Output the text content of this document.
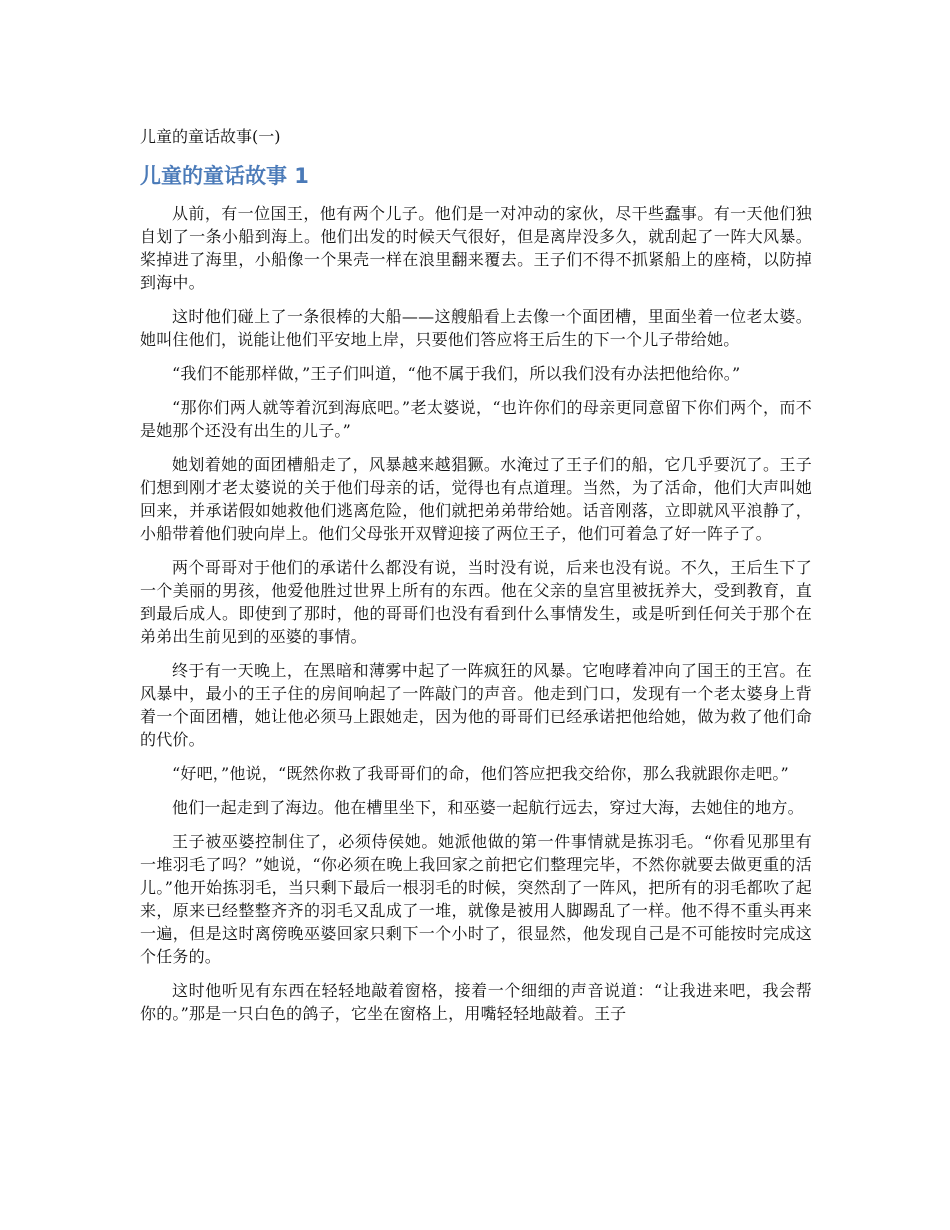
儿童的童话故事(一)
儿童的童话故事 1

从前，有一位国王，他有两个儿子。他们是一对冲动的家伙，尽干些蠢事。有一天他们独自划了一条小船到海上。他们出发的时候天气很好，但是离岸没多久，就刮起了一阵大风暴。桨掉进了海里，小船像一个果壳一样在浪里翻来覆去。王子们不得不抓紧船上的座椅，以防掉到海中。

这时他们碰上了一条很棒的大船——这艘船看上去像一个面团槽，里面坐着一位老太婆。她叫住他们，说能让他们平安地上岸，只要他们答应将王后生的下一个儿子带给她。

“我们不能那样做，”王子们叫道，“他不属于我们，所以我们没有办法把他给你。”

“那你们两人就等着沉到海底吧。”老太婆说，“也许你们的母亲更同意留下你们两个，而不是她那个还没有出生的儿子。”

她划着她的面团槽船走了，风暴越来越猖獗。水淹过了王子们的船，它几乎要沉了。王子们想到刚才老太婆说的关于他们母亲的话，觉得也有点道理。当然，为了活命，他们大声叫她回来，并承诺假如她救他们逃离危险，他们就把弟弟带给她。话音刚落，立即就风平浪静了，小船带着他们驶向岸上。他们父母张开双臂迎接了两位王子，他们可着急了好一阵子了。

两个哥哥对于他们的承诺什么都没有说，当时没有说，后来也没有说。不久，王后生下了一个美丽的男孩，他爱他胜过世界上所有的东西。他在父亲的皇宫里被抚养大，受到教育，直到最后成人。即使到了那时，他的哥哥们也没有看到什么事情发生，或是听到任何关于那个在弟弟出生前见到的巫婆的事情。

终于有一天晚上，在黑暗和薄雾中起了一阵疯狂的风暴。它咆哮着冲向了国王的王宫。在风暴中，最小的王子住的房间响起了一阵敲门的声音。他走到门口，发现有一个老太婆身上背着一个面团槽，她让他必须马上跟她走，因为他的哥哥们已经承诺把他给她，做为救了他们命的代价。

“好吧，”他说，“既然你救了我哥哥们的命，他们答应把我交给你，那么我就跟你走吧。”

他们一起走到了海边。他在槽里坐下，和巫婆一起航行远去，穿过大海，去她住的地方。

王子被巫婆控制住了，必须侍侯她。她派他做的第一件事情就是拣羽毛。“你看见那里有一堆羽毛了吗？”她说，“你必须在晚上我回家之前把它们整理完毕，不然你就要去做更重的活儿。”他开始拣羽毛，当只剩下最后一根羽毛的时候，突然刮了一阵风，把所有的羽毛都吹了起来，原来已经整整齐齐的羽毛又乱成了一堆，就像是被用人脚踢乱了一样。他不得不重头再来一遍，但是这时离傍晚巫婆回家只剩下一个小时了，很显然，他发现自己是不可能按时完成这个任务的。

这时他听见有东西在轻轻地敲着窗格，接着一个细细的声音说道：“让我进来吧，我会帮你的。”那是一只白色的鸽子，它坐在窗格上，用嘴轻轻地敲着。王子
